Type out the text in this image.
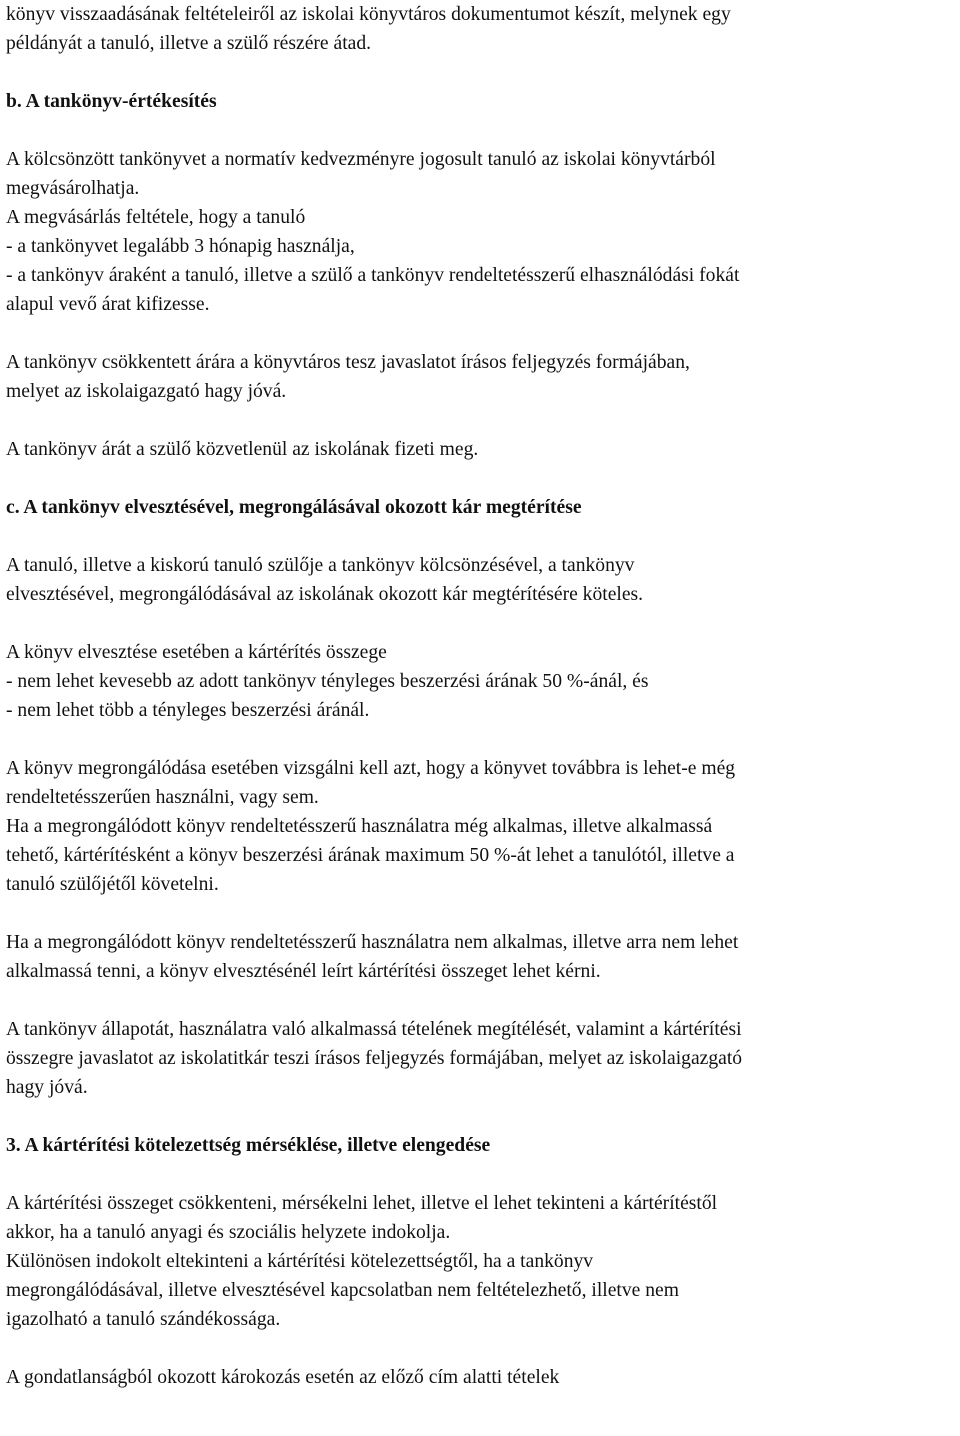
könyv visszaadásának feltételeiről az iskolai könyvtáros dokumentumot készít, melynek egy
példányát a tanuló, illetve a szülő részére átad.
b. A tankönyv-értékesítés
A kölcsönzött tankönyvet a normatív kedvezményre jogosult tanuló az iskolai könyvtárból
megvásárolhatja.
A megvásárlás feltétele, hogy a tanuló
- a tankönyvet legalább 3 hónapig használja,
- a tankönyv áraként a tanuló, illetve a szülő a tankönyv rendeltetésszerű elhasználódási fokát
alapul vevő árat kifizesse.
A tankönyv csökkentett árára a könyvtáros tesz javaslatot írásos feljegyzés formájában,
melyet az iskolaigazgató hagy jóvá.
A tankönyv árát a szülő közvetlenül az iskolának fizeti meg.
c. A tankönyv elvesztésével, megrongálásával okozott kár megtérítése
A tanuló, illetve a kiskorú tanuló szülője a tankönyv kölcsönzésével, a tankönyv
elvesztésével, megrongálódásával az iskolának okozott kár megtérítésére köteles.
A könyv elvesztése esetében a kártérítés összege
- nem lehet kevesebb az adott tankönyv tényleges beszerzési árának 50 %-ánál, és
- nem lehet több a tényleges beszerzési áránál.
A könyv megrongálódása esetében vizsgálni kell azt, hogy a könyvet továbbra is lehet-e még
rendeltetésszerűen használni, vagy sem.
Ha a megrongálódott könyv rendeltetésszerű használatra még alkalmas, illetve alkalmassá
tehető, kártérítésként a könyv beszerzési árának maximum 50 %-át lehet a tanulótól, illetve a
tanuló szülőjétől követelni.
Ha a megrongálódott könyv rendeltetésszerű használatra nem alkalmas, illetve arra nem lehet
alkalmassá tenni, a könyv elvesztésénél leírt kártérítési összeget lehet kérni.
A tankönyv állapotát, használatra való alkalmassá tételének megítélését, valamint a kártérítési
összegre javaslatot az iskolatitkár teszi írásos feljegyzés formájában, melyet az iskolaigazgató
hagy jóvá.
3. A kártérítési kötelezettség mérséklése, illetve elengedése
A kártérítési összeget csökkenteni, mérsékelni lehet, illetve el lehet tekinteni a kártérítéstől
akkor, ha a tanuló anyagi és szociális helyzete indokolja.
Különösen indokolt eltekinteni a kártérítési kötelezettségtől, ha a tankönyv
megrongálódásával, illetve elvesztésével kapcsolatban nem feltételezhető, illetve nem
igazolható a tanuló szándékossága.
A gondatlanságból okozott károkozás esetén az előző cím alatti tételek
